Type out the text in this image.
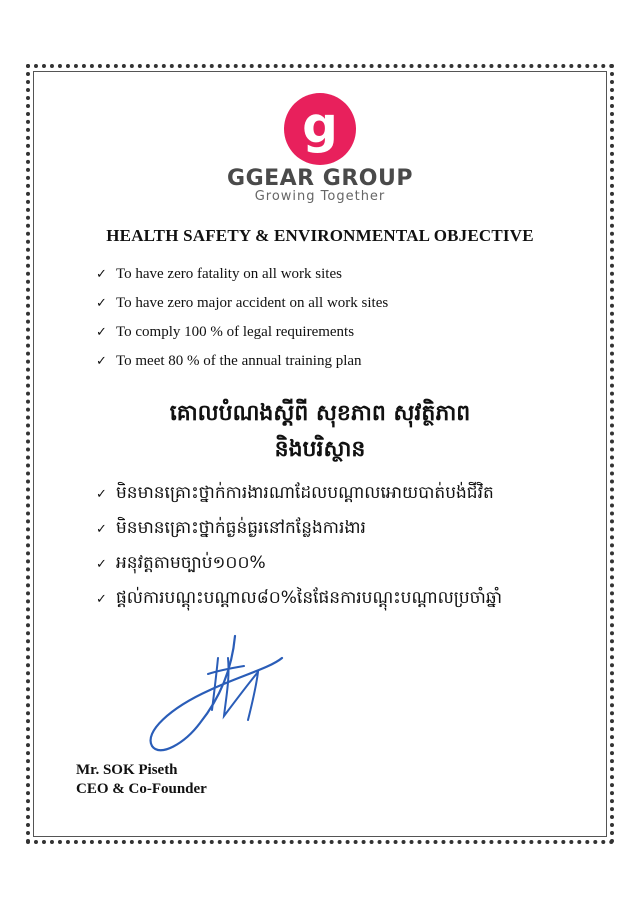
g
GGEAR GROUP
Growing Together
HEALTH SAFETY & ENVIRONMENTAL OBJECTIVE
✓ To have zero fatality on all work sites
✓ To have zero major accident on all work sites
✓ To comply 100 % of legal requirements
✓ To meet 80 % of the annual training plan
គោលបំណងស្តីពី សុខភាព សុវត្ថិភាព
និងបរិស្ថាន
✓ មិនមានគ្រោះថ្នាក់ការងារណាដែលបណ្តាលអោយបាត់បង់ជីវិត
✓ មិនមានគ្រោះថ្នាក់ធ្ងន់ធ្ងរនៅកន្លែងការងារ
✓ អនុវត្តតាមច្បាប់១០០%
✓ ផ្តល់ការបណ្តុះបណ្តាល៨០%នៃផែនការបណ្តុះបណ្តាលប្រចាំឆ្នាំ
Mr. SOK Piseth
CEO & Co-Founder
